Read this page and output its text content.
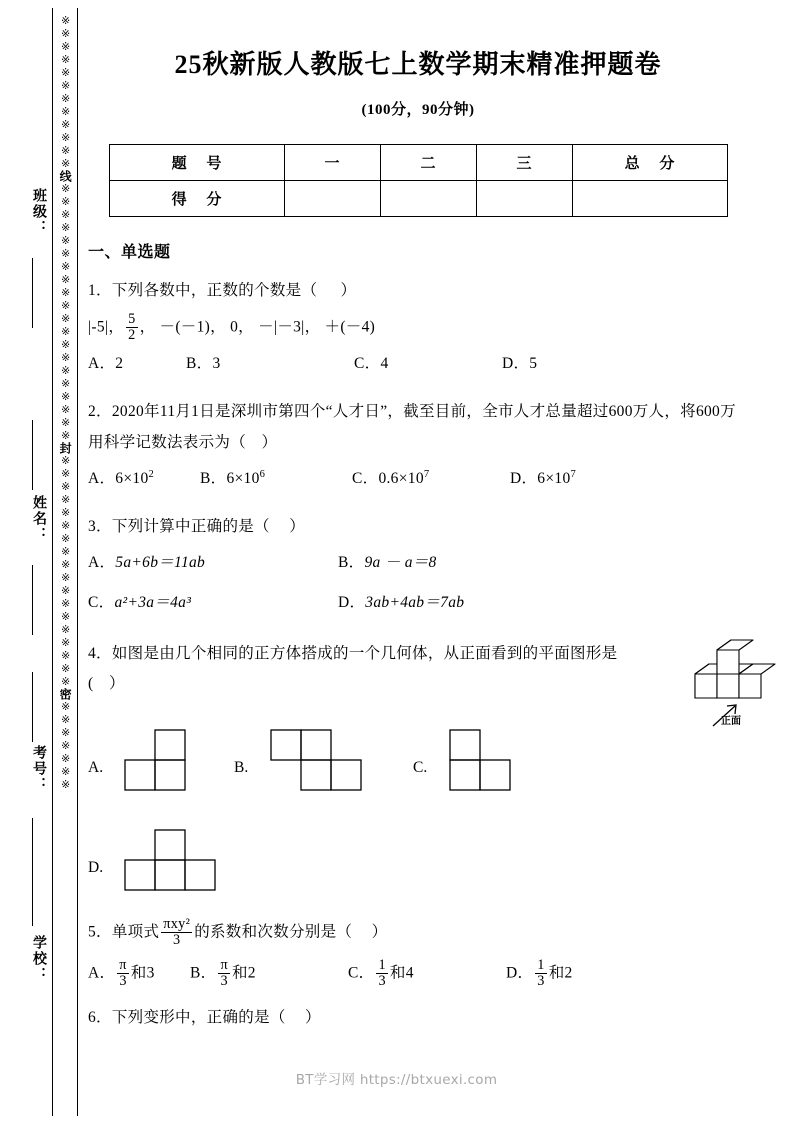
班级：
姓名：
考号：
学校：
※
※
※
※
※
※
※
※
※
※
※
※
线
※
※
※
※
※
※
※
※
※
※
※
※
※
※
※
※
※
※
※
※
封
※
※
※
※
※
※
※
※
※
※
※
※
※
※
※
※
※
※
密
※
※
※
※
※
※
※
25秋新版人教版七上数学期末精准押题卷
(100分，90分钟)
题 号	一	二	三	总 分
得 分				
一、单选题
1．下列各数中，正数的个数是（ ）
|-5|， $\frac{5}{2}$ ， －(－1)， 0， －|－3|， ＋(－4)
A．2	B．3	C．4	D．5
2．2020年11月1日是深圳市第四个“人才日”，截至目前，全市人才总量超过600万人，将600万用科学记数法表示为（ ）
A．$6\times 10^2$	B．$6\times 10^6$	C．$0.6\times 10^7$	D．$6\times 10^7$
3．下列计算中正确的是（ ）
A．5a+6b＝11ab	B．9a － a＝8
C．a²+3a＝4a³	D．3ab+4ab＝7ab
4．如图是由几个相同的正方体搭成的一个几何体，从正面看到的平面图形是( ）
A.	B.	C.
D.
5．单项式 $\frac{\text{πxy²}}{3}$ 的系数和次数分别是（ ）
A． $\frac{\pi}{3}$ 和3 B． $\frac{\pi}{3}$ 和2	C． $\frac{1}{3}$ 和4	D． $\frac{1}{3}$ 和2
6．下列变形中，正确的是（ ）
正面
BT学习网 https://btxuexi.com
